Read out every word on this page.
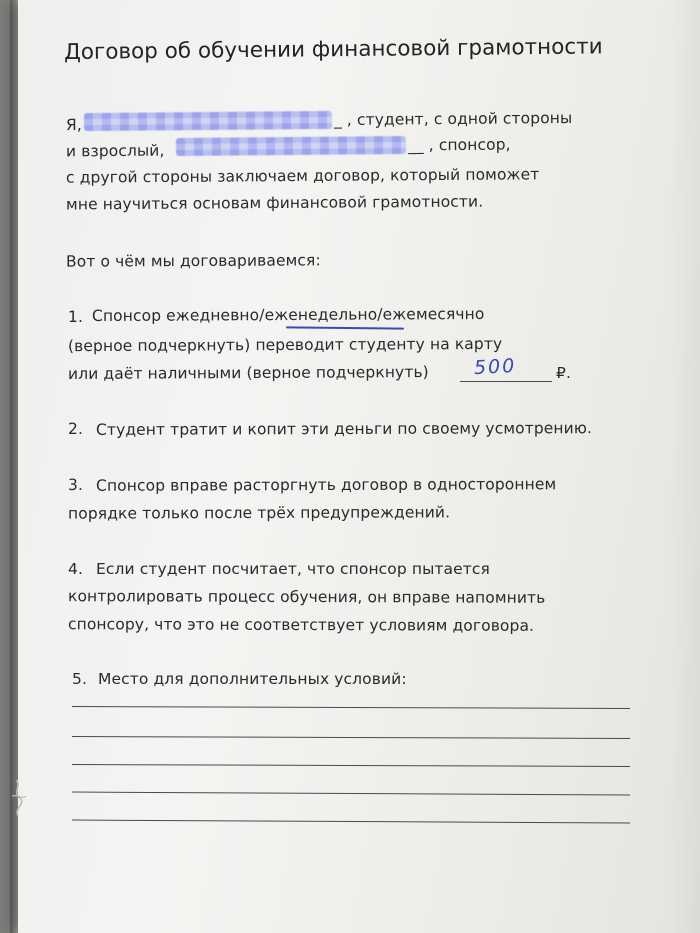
Договор об обучении финансовой грамотности
Я,	_ , студент, с одной стороны
и взрослый,	__ , спонсор,
с другой стороны заключаем договор, который поможет
мне научиться основам финансовой грамотности.
Вот о чём мы договариваемся:
1. Спонсор ежедневно/еженедельно/ежемесячно
(верное подчеркнуть) переводит студенту на карту
или даёт наличными (верное подчеркнуть) 500	₽.
2. Студент тратит и копит эти деньги по своему усмотрению.
3. Спонсор вправе расторгнуть договор в одностороннем
порядке только после трёх предупреждений.
4. Если студент посчитает, что спонсор пытается
контролировать процесс обучения, он вправе напомнить
спонсору, что это не соответствует условиям договора.
5. Место для дополнительных условий:
